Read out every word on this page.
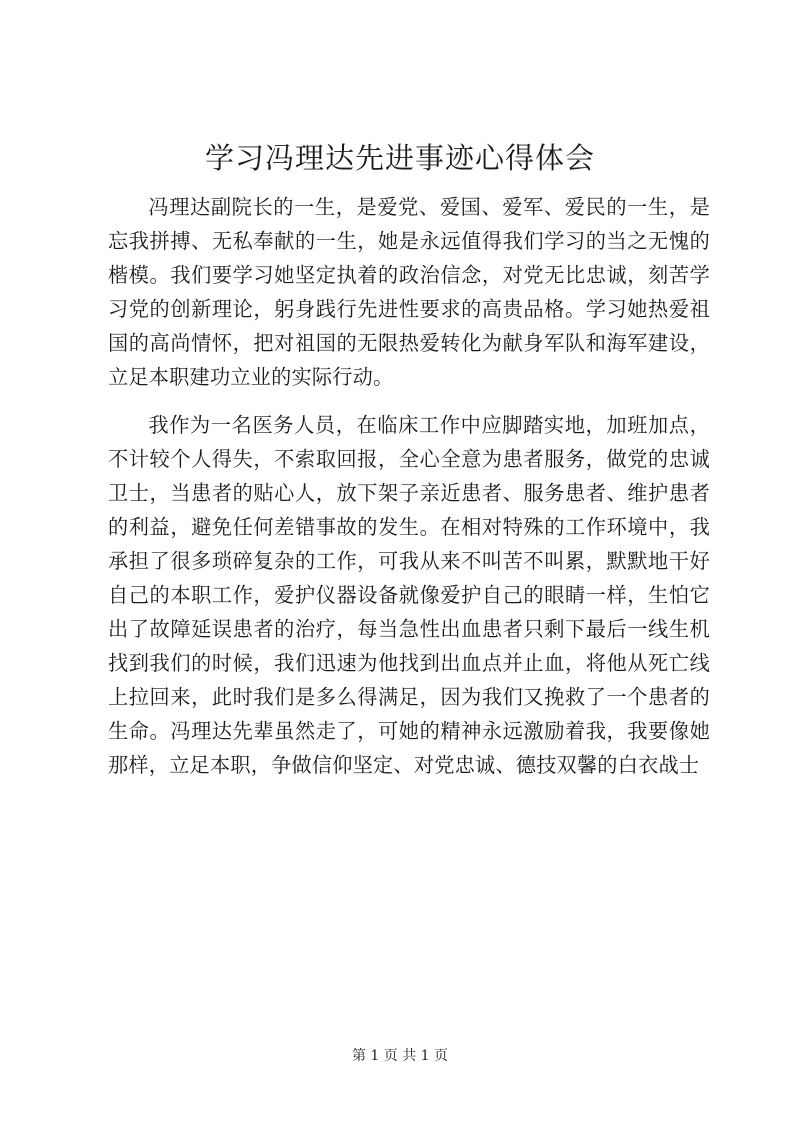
学习冯理达先进事迹心得体会

冯理达副院长的一生，是爱党、爱国、爱军、爱民的一生，是忘我拼搏、无私奉献的一生，她是永远值得我们学习的当之无愧的楷模。我们要学习她坚定执着的政治信念，对党无比忠诚，刻苦学习党的创新理论，躬身践行先进性要求的高贵品格。学习她热爱祖国的高尚情怀，把对祖国的无限热爱转化为献身军队和海军建设，立足本职建功立业的实际行动。

我作为一名医务人员，在临床工作中应脚踏实地，加班加点，不计较个人得失，不索取回报，全心全意为患者服务，做党的忠诚卫士，当患者的贴心人，放下架子亲近患者、服务患者、维护患者的利益，避免任何差错事故的发生。在相对特殊的工作环境中，我承担了很多琐碎复杂的工作，可我从来不叫苦不叫累，默默地干好自己的本职工作，爱护仪器设备就像爱护自己的眼睛一样，生怕它出了故障延误患者的治疗，每当急性出血患者只剩下最后一线生机找到我们的时候，我们迅速为他找到出血点并止血，将他从死亡线上拉回来，此时我们是多么得满足，因为我们又挽救了一个患者的生命。冯理达先辈虽然走了，可她的精神永远激励着我，我要像她那样，立足本职，争做信仰坚定、对党忠诚、德技双馨的白衣战士

第 1 页 共 1 页
